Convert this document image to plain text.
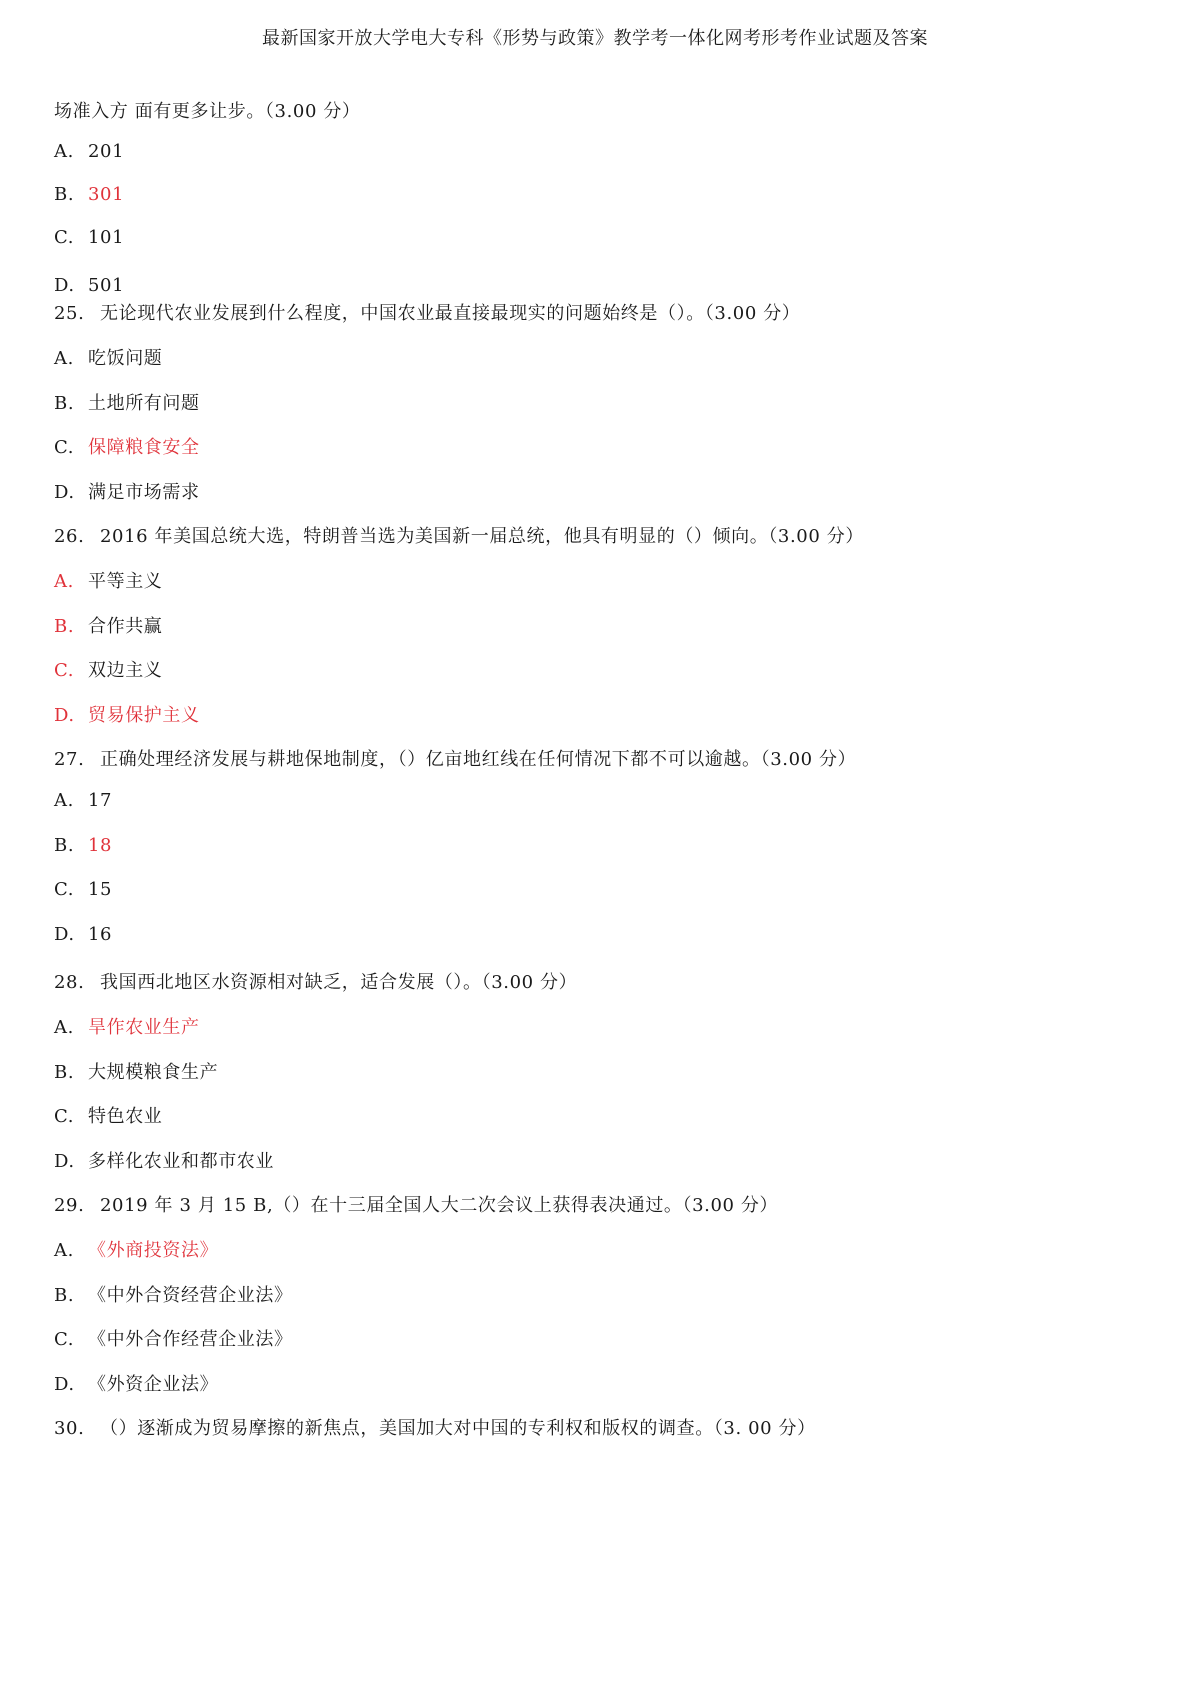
最新国家开放大学电大专科《形势与政策》教学考一体化网考形考作业试题及答案
场准入方 面有更多让步。（3.00 分）
A. 201
B. 301
C. 101
D. 501
25. 无论现代农业发展到什么程度，中国农业最直接最现实的问题始终是（）。（3.00 分）
A. 吃饭问题
B. 土地所有问题
C. 保障粮食安全
D. 满足市场需求
26. 2016 年美国总统大选，特朗普当选为美国新一届总统，他具有明显的（）倾向。（3.00 分）
A. 平等主义
B. 合作共赢
C. 双边主义
D. 贸易保护主义
27. 正确处理经济发展与耕地保地制度，（）亿亩地红线在任何情况下都不可以逾越。（3.00 分）
A. 17
B. 18
C. 15
D. 16
28. 我国西北地区水资源相对缺乏，适合发展（）。（3.00 分）
A. 旱作农业生产
B. 大规模粮食生产
C. 特色农业
D. 多样化农业和都市农业
29. 2019 年 3 月 15 B,（）在十三届全国人大二次会议上获得表决通过。（3.00 分）
A. 《外商投资法》
B. 《中外合资经营企业法》
C. 《中外合作经营企业法》
D. 《外资企业法》
30. （）逐渐成为贸易摩擦的新焦点，美国加大对中国的专利权和版权的调查。（3. 00 分）
